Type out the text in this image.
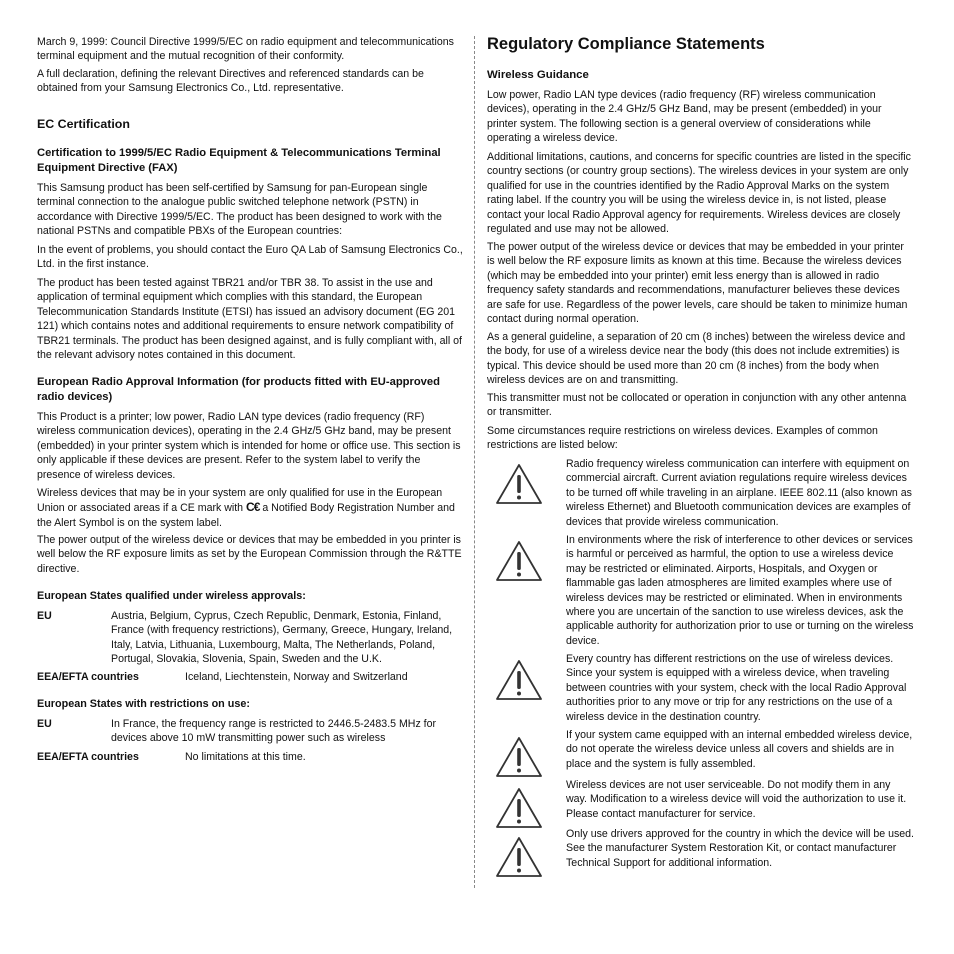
March 9, 1999: Council Directive 1999/5/EC on radio equipment and telecommunications terminal equipment and the mutual recognition of their conformity.

A full declaration, defining the relevant Directives and referenced standards can be obtained from your Samsung Electronics Co., Ltd. representative.

EC Certification
Certification to 1999/5/EC Radio Equipment & Telecommunications Terminal Equipment Directive (FAX)

This Samsung product has been self-certified by Samsung for pan-European single terminal connection to the analogue public switched telephone network (PSTN) in accordance with Directive 1999/5/EC. The product has been designed to work with the national PSTNs and compatible PBXs of the European countries:

In the event of problems, you should contact the Euro QA Lab of Samsung Electronics Co., Ltd. in the first instance.

The product has been tested against TBR21 and/or TBR 38. To assist in the use and application of terminal equipment which complies with this standard, the European Telecommunication Standards Institute (ETSI) has issued an advisory document (EG 201 121) which contains notes and additional requirements to ensure network compatibility of TBR21 terminals. The product has been designed against, and is fully compliant with, all of the relevant advisory notes contained in this document.

European Radio Approval Information (for products fitted with EU-approved radio devices)

This Product is a printer; low power, Radio LAN type devices (radio frequency (RF) wireless communication devices), operating in the 2.4 GHz/5 GHz band, may be present (embedded) in your printer system which is intended for home or office use. This section is only applicable if these devices are present. Refer to the system label to verify the presence of wireless devices.

Wireless devices that may be in your system are only qualified for use in the European Union or associated areas if a CE mark with C€ a Notified Body Registration Number and the Alert Symbol is on the system label.

The power output of the wireless device or devices that may be embedded in you printer is well below the RF exposure limits as set by the European Commission through the R&TTE directive.

European States qualified under wireless approvals:
EU	Austria, Belgium, Cyprus, Czech Republic, Denmark, Estonia, Finland, France (with frequency restrictions), Germany, Greece, Hungary, Ireland, Italy, Latvia, Lithuania, Luxembourg, Malta, The Netherlands, Poland, Portugal, Slovakia, Slovenia, Spain, Sweden and the U.K.
EEA/EFTA countries	Iceland, Liechtenstein, Norway and Switzerland
European States with restrictions on use:
EU	In France, the frequency range is restricted to 2446.5-2483.5 MHz for devices above 10 mW transmitting power such as wireless
EEA/EFTA countries	No limitations at this time.
Regulatory Compliance Statements
Wireless Guidance

Low power, Radio LAN type devices (radio frequency (RF) wireless communication devices), operating in the 2.4 GHz/5 GHz Band, may be present (embedded) in your printer system. The following section is a general overview of considerations while operating a wireless device.

Additional limitations, cautions, and concerns for specific countries are listed in the specific country sections (or country group sections). The wireless devices in your system are only qualified for use in the countries identified by the Radio Approval Marks on the system rating label. If the country you will be using the wireless device in, is not listed, please contact your local Radio Approval agency for requirements. Wireless devices are closely regulated and use may not be allowed.

The power output of the wireless device or devices that may be embedded in your printer is well below the RF exposure limits as known at this time. Because the wireless devices (which may be embedded into your printer) emit less energy than is allowed in radio frequency safety standards and recommendations, manufacturer believes these devices are safe for use. Regardless of the power levels, care should be taken to minimize human contact during normal operation.

As a general guideline, a separation of 20 cm (8 inches) between the wireless device and the body, for use of a wireless device near the body (this does not include extremities) is typical. This device should be used more than 20 cm (8 inches) from the body when wireless devices are on and transmitting.

This transmitter must not be collocated or operation in conjunction with any other antenna or transmitter.

Some circumstances require restrictions on wireless devices. Examples of common restrictions are listed below:

Radio frequency wireless communication can interfere with equipment on commercial aircraft. Current aviation regulations require wireless devices to be turned off while traveling in an airplane. IEEE 802.11 (also known as wireless Ethernet) and Bluetooth communication devices are examples of devices that provide wireless communication.

In environments where the risk of interference to other devices or services is harmful or perceived as harmful, the option to use a wireless device may be restricted or eliminated. Airports, Hospitals, and Oxygen or flammable gas laden atmospheres are limited examples where use of wireless devices may be restricted or eliminated. When in environments where you are uncertain of the sanction to use wireless devices, ask the applicable authority for authorization prior to use or turning on the wireless device.

Every country has different restrictions on the use of wireless devices. Since your system is equipped with a wireless device, when traveling between countries with your system, check with the local Radio Approval authorities prior to any move or trip for any restrictions on the use of a wireless device in the destination country.

If your system came equipped with an internal embedded wireless device, do not operate the wireless device unless all covers and shields are in place and the system is fully assembled.

Wireless devices are not user serviceable. Do not modify them in any way. Modification to a wireless device will void the authorization to use it. Please contact manufacturer for service.

Only use drivers approved for the country in which the device will be used. See the manufacturer System Restoration Kit, or contact manufacturer Technical Support for additional information.
